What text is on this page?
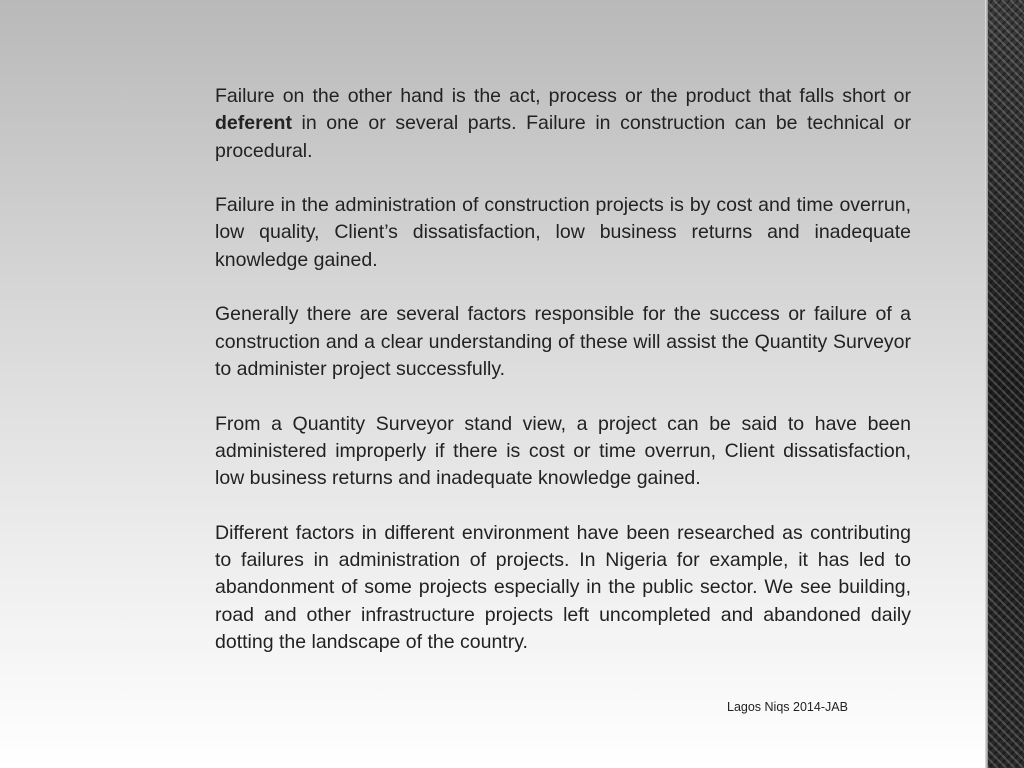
Failure on the other hand is the act, process or the product that falls short or deferent in one or several parts. Failure in construction can be technical or procedural.

Failure in the administration of construction projects is by cost and time overrun, low quality, Client’s dissatisfaction, low business returns and inadequate knowledge gained.

Generally there are several factors responsible for the success or failure of a construction and a clear understanding of these will assist the Quantity Surveyor to administer project successfully.

From a Quantity Surveyor stand view, a project can be said to have been administered improperly if there is cost or time overrun, Client dissatisfaction, low business returns and inadequate knowledge gained.

Different factors in different environment have been researched as contributing to failures in administration of projects. In Nigeria for example, it has led to abandonment of some projects especially in the public sector. We see building, road and other infrastructure projects left uncompleted and abandoned daily dotting the landscape of the country.

Lagos Niqs 2014-JAB
